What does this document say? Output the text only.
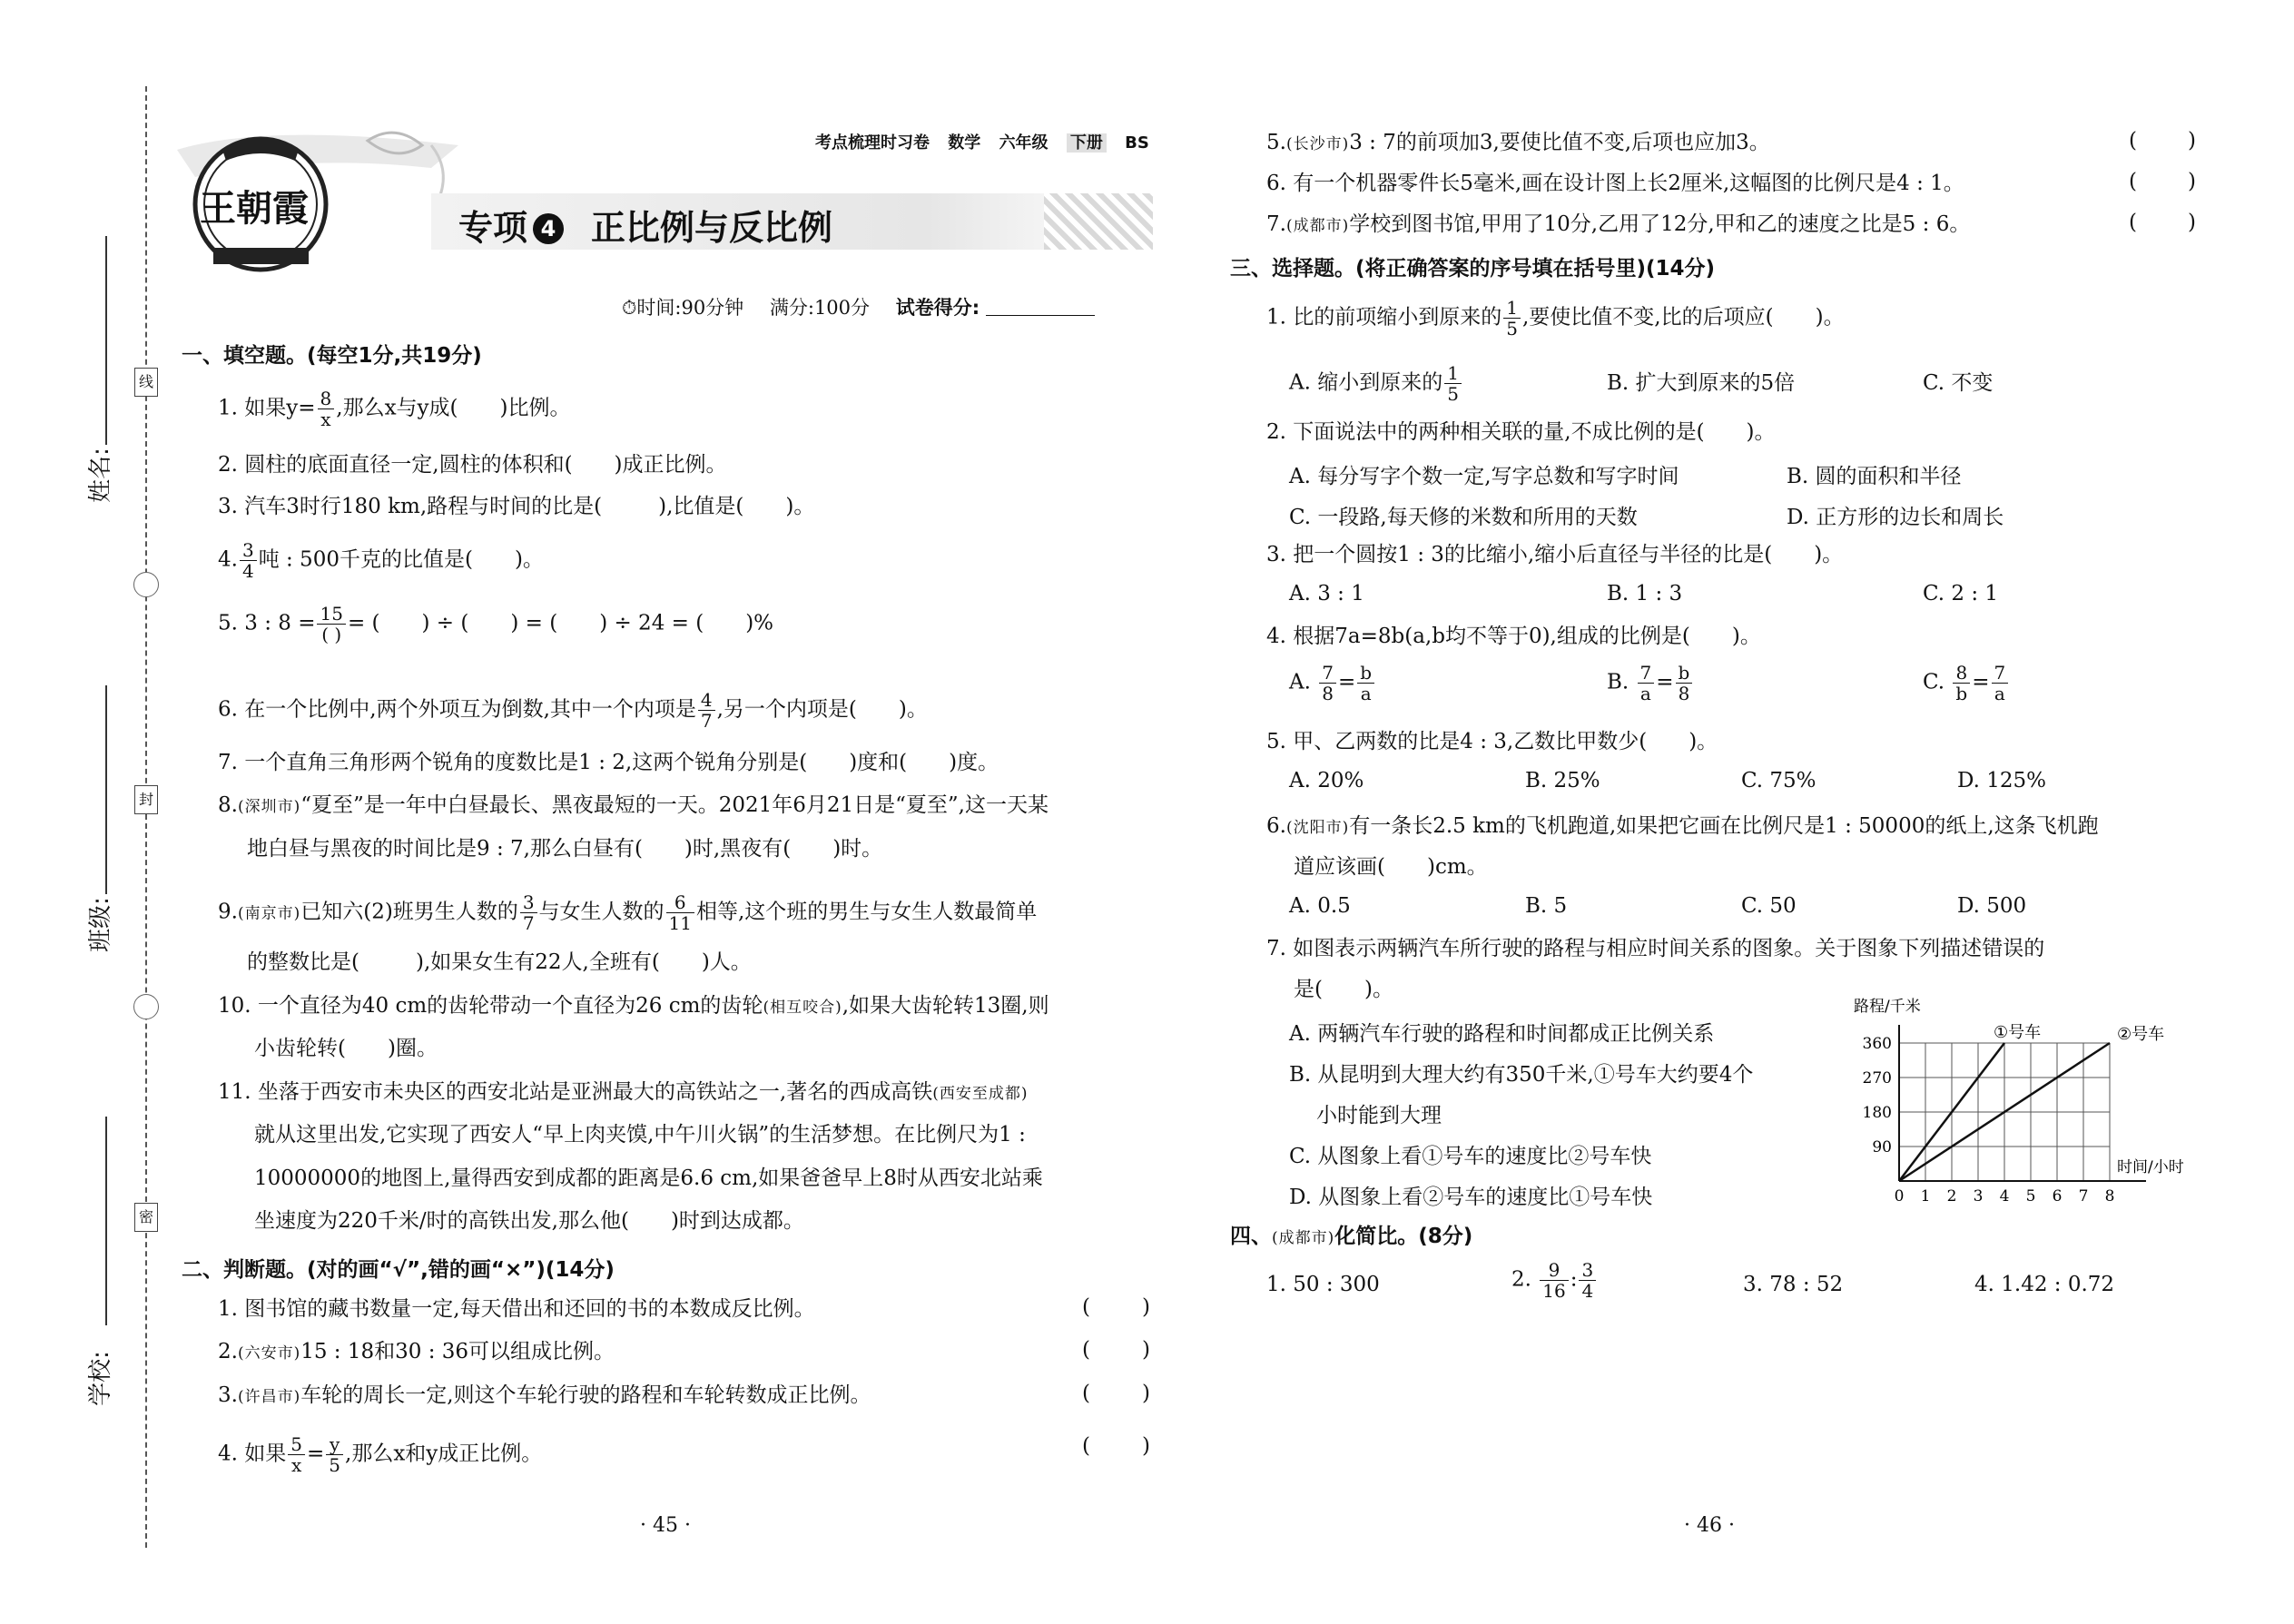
姓名:
班级:
学校:
线
封
密
王朝霞
考点梳理时习卷 数学 六年级 下册 BS
专项 4 正比例与反比例
⏱时间:90分钟 满分:100分 试卷得分:
一、填空题。(每空1分,共19分)
1. 如果$y= \frac{8}{x}$ ,那么x与y成( )比例。
2. 圆柱的底面直径一定,圆柱的体积和( )成正比例。
3. 汽车3时行180 km,路程与时间的比是(	),比值是( )。
4. $\frac{3}{4}$ 吨 : 500千克的比值是( )。
5. 3 : $8 = \frac{15}{( )}$ = ( ) ÷ ( ) = ( ) ÷ 24 = ( )%
6. 在一个比例中,两个外项互为倒数,其中一个内项是 $\frac{4}{7}$ ,另一个内项是( )。
7. 一个直角三角形两个锐角的度数比是1 : 2,这两个锐角分别是( )度和( )度。
8.(深圳市)“夏至”是一年中白昼最长、黑夜最短的一天。2021年6月21日是“夏至”,这一天某
地白昼与黑夜的时间比是9 : 7,那么白昼有( )时,黑夜有( )时。
9.(南京市)已知六(2)班男生人数的 $\frac{3}{7}$ 与女生人数的 $\frac{6}{11}$ 相等,这个班的男生与女生人数最简单
的整数比是(	),如果女生有22人,全班有( )人。
10. 一个直径为40 cm的齿轮带动一个直径为26 cm的齿轮(相互咬合),如果大齿轮转13圈,则
小齿轮转( )圈。
11. 坐落于西安市未央区的西安北站是亚洲最大的高铁站之一,著名的西成高铁(西安至成都)
就从这里出发,它实现了西安人“早上肉夹馍,中午川火锅”的生活梦想。在比例尺为1 :
10000000的地图上,量得西安到成都的距离是6.6 cm,如果爸爸早上8时从西安北站乘
坐速度为220千米/时的高铁出发,那么他( )时到达成都。
二、判断题。(对的画“√”,错的画“×”)(14分)
1. 图书馆的藏书数量一定,每天借出和还回的书的本数成反比例。
2.(六安市)15 : 18和30 : 36可以组成比例。
3.(许昌市)车轮的周长一定,则这个车轮行驶的路程和车轮转数成正比例。
4. 如果 $\frac{5}{x} = \frac{y}{5}$ ,那么x和y成正比例。
( )
( )
( )
( )
· 45 ·
5.(长沙市)3 : 7的前项加3,要使比值不变,后项也应加3。
6. 有一个机器零件长5毫米,画在设计图上长2厘米,这幅图的比例尺是4 : 1。
7.(成都市)学校到图书馆,甲用了10分,乙用了12分,甲和乙的速度之比是5 : 6。
( )
( )
( )
三、选择题。(将正确答案的序号填在括号里)(14分)
1. 比的前项缩小到原来的 $\frac{1}{5}$ ,要使比值不变,比的后项应( )。
A. 缩小到原来的 $\frac{1}{5}$	B. 扩大到原来的5倍	C. 不变
2. 下面说法中的两种相关联的量,不成比例的是( )。
A. 每分写字个数一定,写字总数和写字时间	B. 圆的面积和半径
C. 一段路,每天修的米数和所用的天数	D. 正方形的边长和周长
3. 把一个圆按1 : 3的比缩小,缩小后直径与半径的比是( )。
A. 3 : 1	B. 1 : 3	C. 2 : 1
4. 根据7a=8b(a,b均不等于0),组成的比例是( )。
A. $\frac{7}{8} = \frac{b}{a}$	B. $\frac{7}{a} = \frac{b}{8}$	C. $\frac{8}{b} = \frac{7}{a}$
5. 甲、乙两数的比是4 : 3,乙数比甲数少( )。
A. 20%	B. 25%	C. 75%	D. 125%
6.(沈阳市)有一条长2.5 km的飞机跑道,如果把它画在比例尺是1 : 50000的纸上,这条飞机跑
道应该画( )cm。
A. 0.5	B. 5	C. 50	D. 500
7. 如图表示两辆汽车所行驶的路程与相应时间关系的图象。关于图象下列描述错误的
是( )。
A. 两辆汽车行驶的路程和时间都成正比例关系
B. 从昆明到大理大约有350千米,①号车大约要4个
小时能到大理
C. 从图象上看①号车的速度比②号车快
D. 从图象上看②号车的速度比①号车快	0 1 2 3 4 5 6 7 8
90
180
270
360
路程/千米
时间/小时
①号车	②号车
四、(成都市)化简比。(8分)
1. 50 : 300	2. $\frac{9}{16}$ : $\frac{3}{4}$	3. 78 : 52	4. 1.42 : 0.72
· 46 ·
